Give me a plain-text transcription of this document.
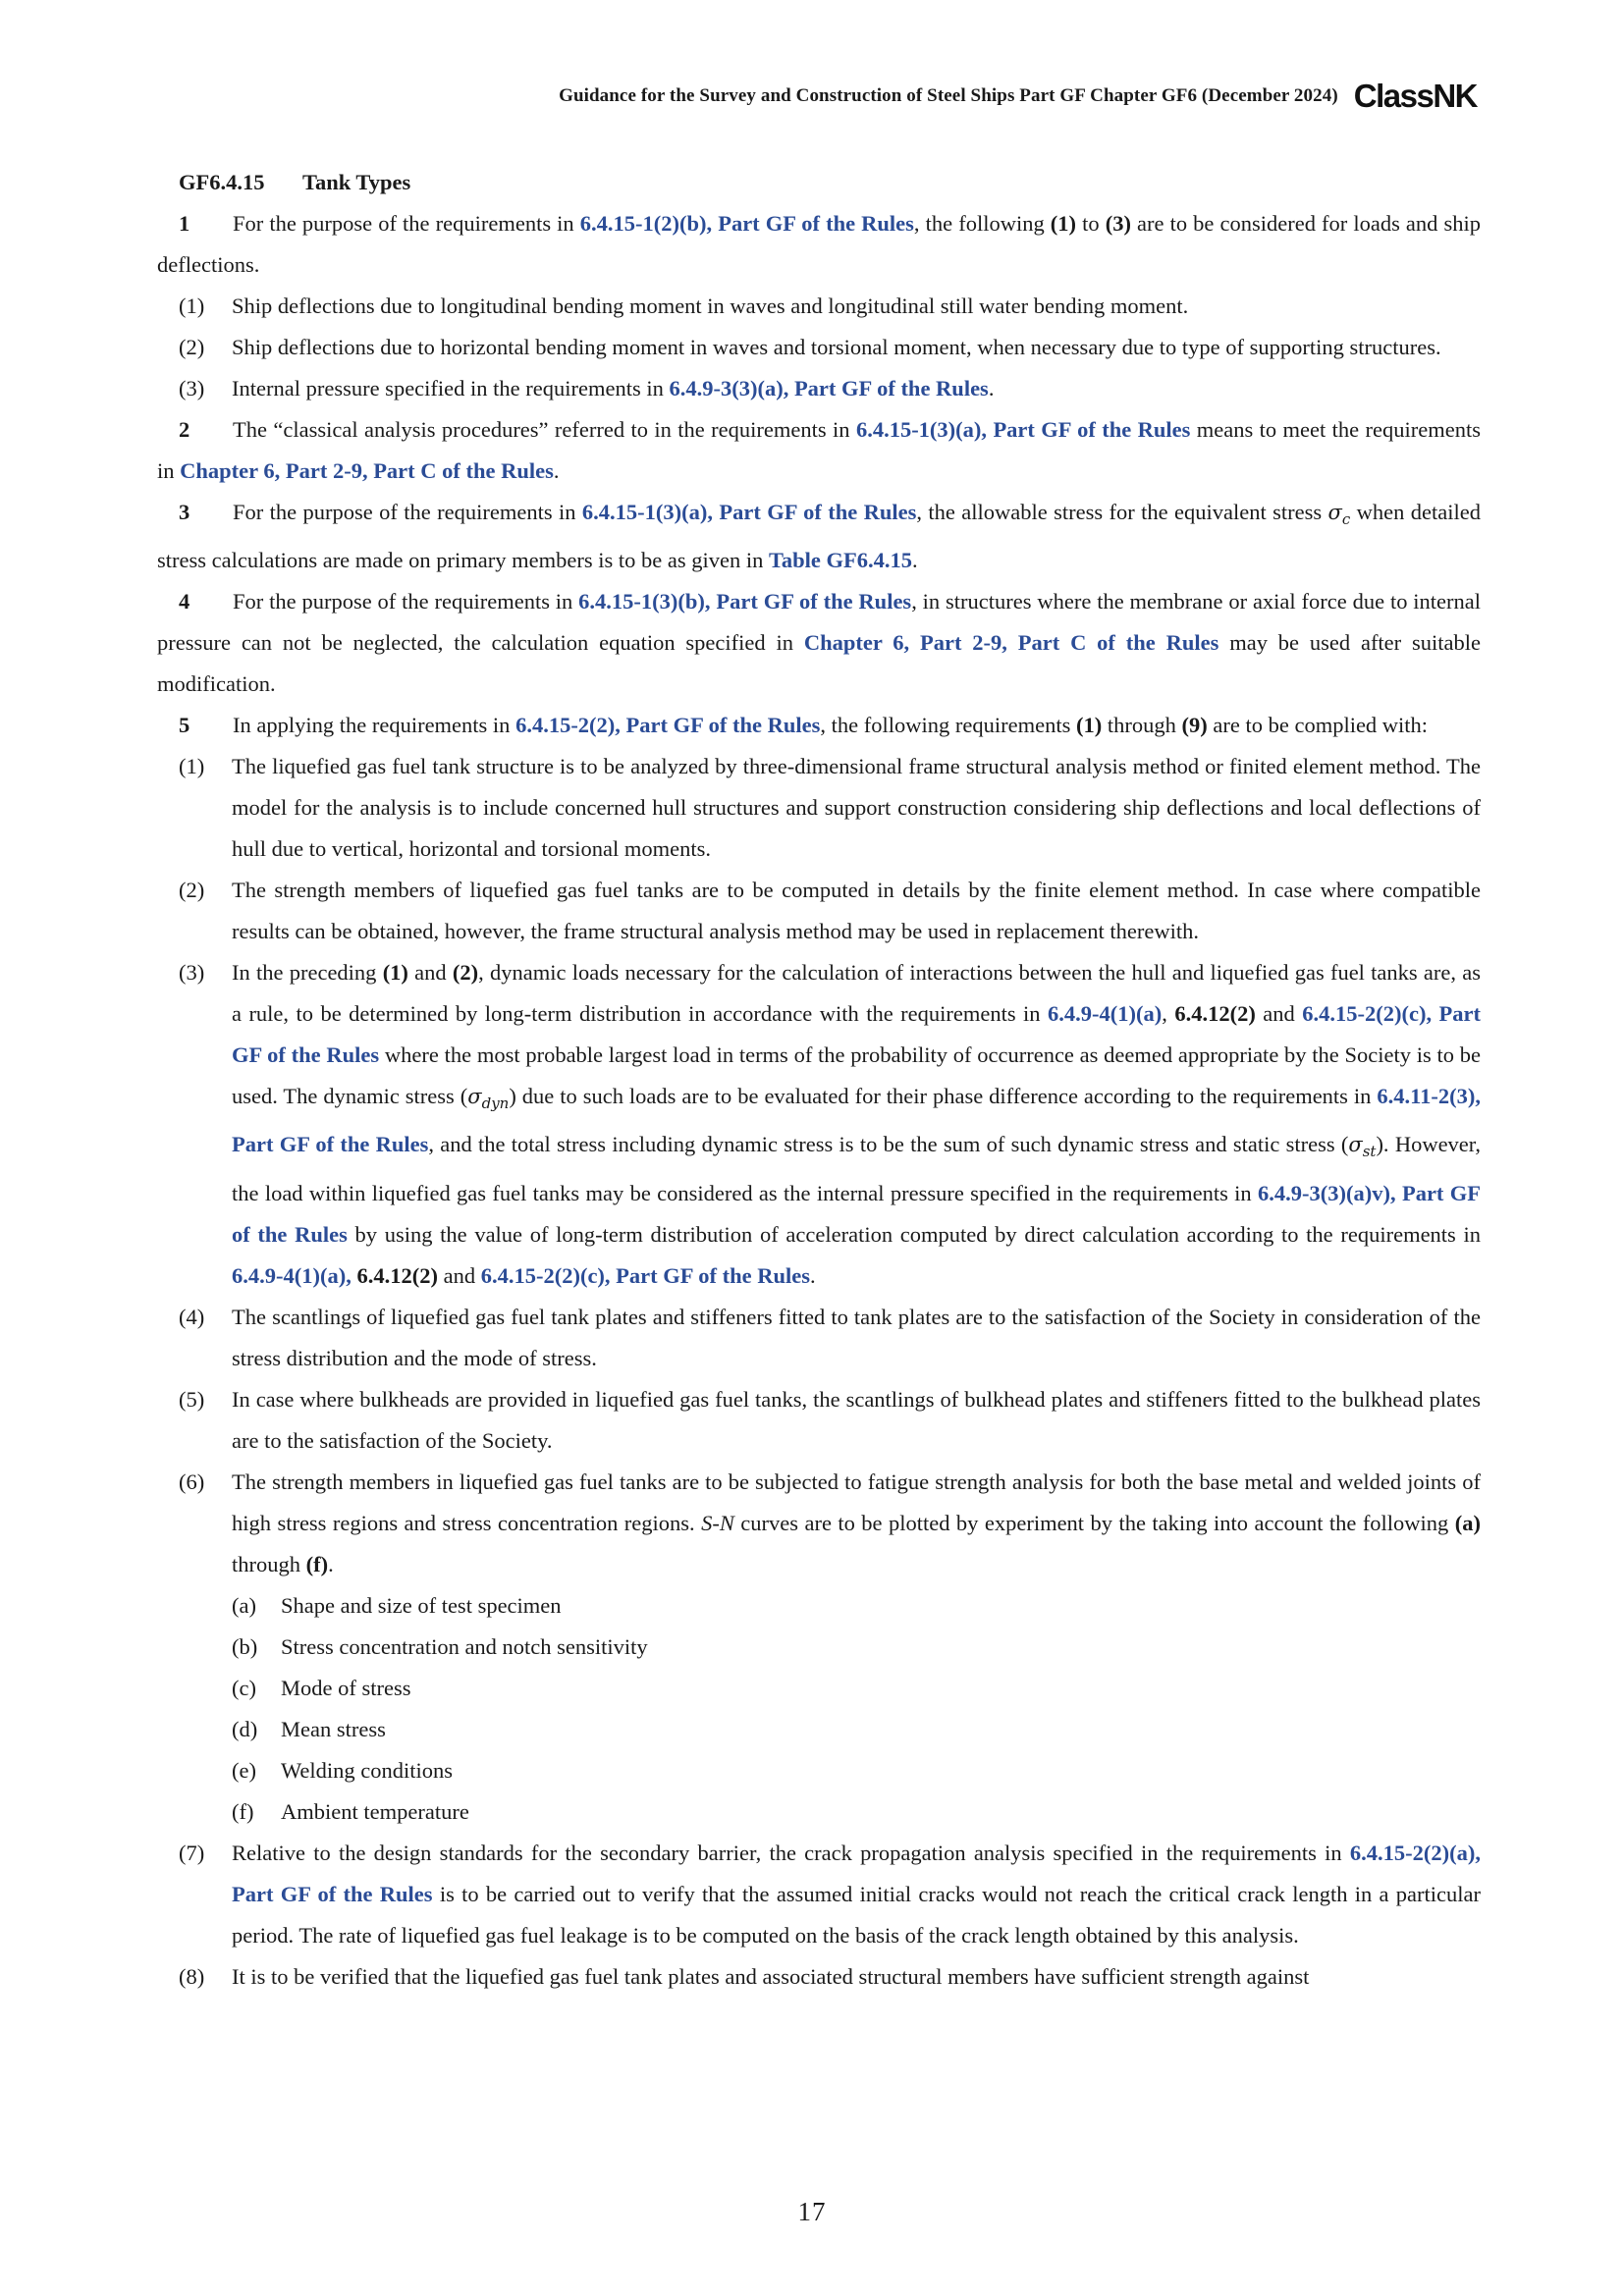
Guidance for the Survey and Construction of Steel Ships Part GF Chapter GF6 (December 2024) ClassNK

GF6.4.15 Tank Types

1 For the purpose of the requirements in 6.4.15-1(2)(b), Part GF of the Rules, the following (1) to (3) are to be considered for loads and ship deflections.

(1) Ship deflections due to longitudinal bending moment in waves and longitudinal still water bending moment.

(2) Ship deflections due to horizontal bending moment in waves and torsional moment, when necessary due to type of supporting structures.

(3) Internal pressure specified in the requirements in 6.4.9-3(3)(a), Part GF of the Rules.

2 The “classical analysis procedures” referred to in the requirements in 6.4.15-1(3)(a), Part GF of the Rules means to meet the requirements in Chapter 6, Part 2-9, Part C of the Rules.

3 For the purpose of the requirements in 6.4.15-1(3)(a), Part GF of the Rules, the allowable stress for the equivalent stress $\sigma_c$ when detailed stress calculations are made on primary members is to be as given in Table GF6.4.15.

4 For the purpose of the requirements in 6.4.15-1(3)(b), Part GF of the Rules, in structures where the membrane or axial force due to internal pressure can not be neglected, the calculation equation specified in Chapter 6, Part 2-9, Part C of the Rules may be used after suitable modification.

5 In applying the requirements in 6.4.15-2(2), Part GF of the Rules, the following requirements (1) through (9) are to be complied with:

(1) The liquefied gas fuel tank structure is to be analyzed by three-dimensional frame structural analysis method or finited element method. The model for the analysis is to include concerned hull structures and support construction considering ship deflections and local deflections of hull due to vertical, horizontal and torsional moments.

(2) The strength members of liquefied gas fuel tanks are to be computed in details by the finite element method. In case where compatible results can be obtained, however, the frame structural analysis method may be used in replacement therewith.

(3) In the preceding (1) and (2), dynamic loads necessary for the calculation of interactions between the hull and liquefied gas fuel tanks are, as a rule, to be determined by long-term distribution in accordance with the requirements in 6.4.9-4(1)(a), 6.4.12(2) and 6.4.15-2(2)(c), Part GF of the Rules where the most probable largest load in terms of the probability of occurrence as deemed appropriate by the Society is to be used. The dynamic stress $(\sigma_{dyn})$ due to such loads are to be evaluated for their phase difference according to the requirements in 6.4.11-2(3), Part GF of the Rules, and the total stress including dynamic stress is to be the sum of such dynamic stress and static stress $(\sigma_{st})$. However, the load within liquefied gas fuel tanks may be considered as the internal pressure specified in the requirements in 6.4.9-3(3)(a)v), Part GF of the Rules by using the value of long-term distribution of acceleration computed by direct calculation according to the requirements in 6.4.9-4(1)(a), 6.4.12(2) and 6.4.15-2(2)(c), Part GF of the Rules.

(4) The scantlings of liquefied gas fuel tank plates and stiffeners fitted to tank plates are to the satisfaction of the Society in consideration of the stress distribution and the mode of stress.

(5) In case where bulkheads are provided in liquefied gas fuel tanks, the scantlings of bulkhead plates and stiffeners fitted to the bulkhead plates are to the satisfaction of the Society.

(6) The strength members in liquefied gas fuel tanks are to be subjected to fatigue strength analysis for both the base metal and welded joints of high stress regions and stress concentration regions. S-N curves are to be plotted by experiment by the taking into account the following (a) through (f).

(a) Shape and size of test specimen

(b) Stress concentration and notch sensitivity

(c) Mode of stress

(d) Mean stress

(e) Welding conditions

(f) Ambient temperature

(7) Relative to the design standards for the secondary barrier, the crack propagation analysis specified in the requirements in 6.4.15-2(2)(a), Part GF of the Rules is to be carried out to verify that the assumed initial cracks would not reach the critical crack length in a particular period. The rate of liquefied gas fuel leakage is to be computed on the basis of the crack length obtained by this analysis.

(8) It is to be verified that the liquefied gas fuel tank plates and associated structural members have sufficient strength against

17
